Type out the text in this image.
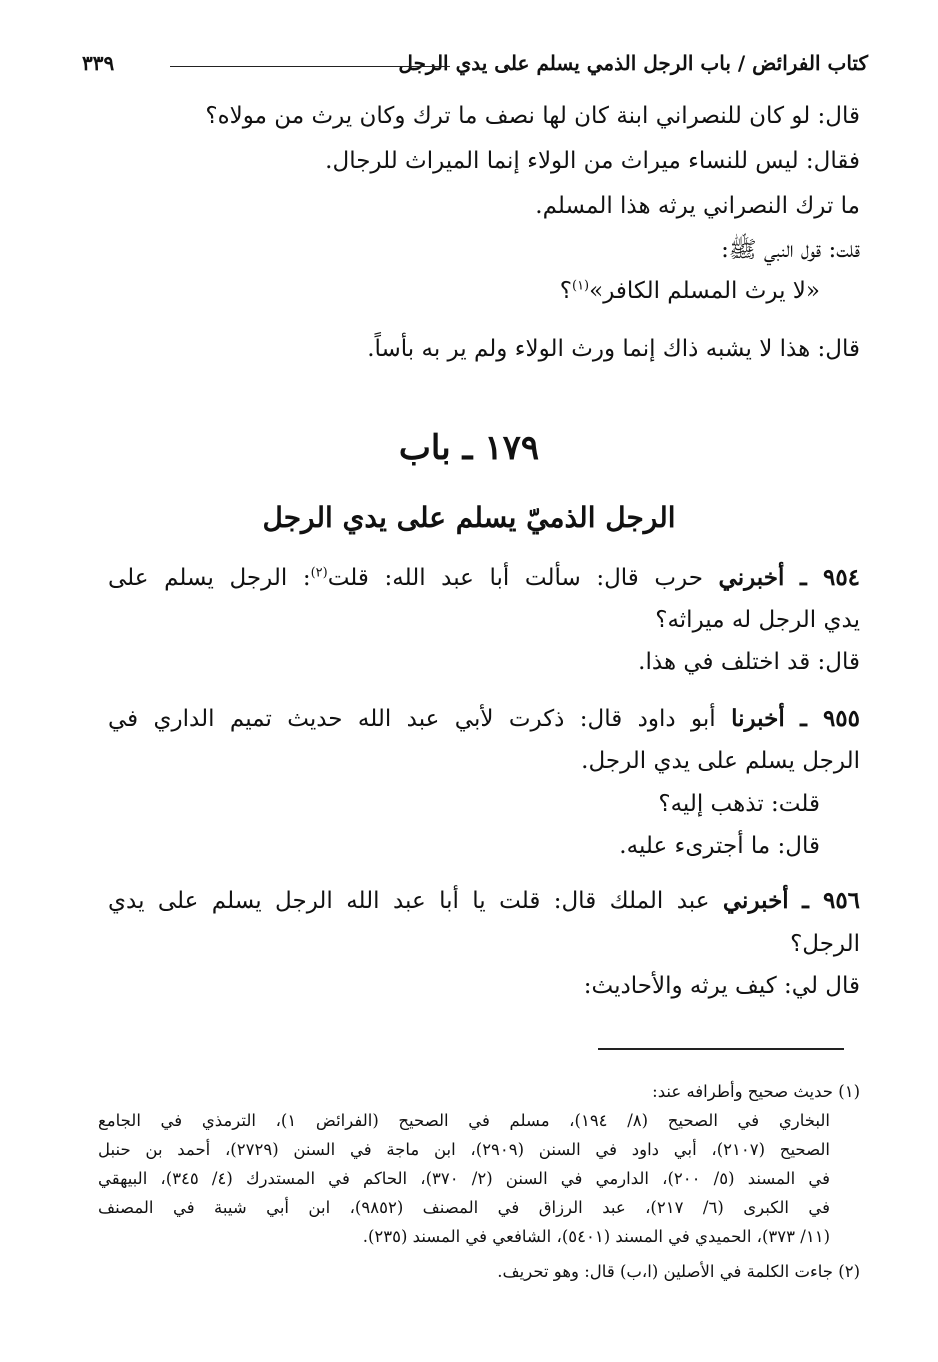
كتاب الفرائض / باب الرجل الذمي يسلم على يدي الرجل
٣٣٩
قال: لو كان للنصراني ابنة كان لها نصف ما ترك وكان يرث من مولاه؟
فقال: ليس للنساء ميراث من الولاء إنما الميراث للرجال.
ما ترك النصراني يرثه هذا المسلم.
قلت: قول النبي ﷺ:
«لا يرث المسلم الكافر»$^{(١)}$؟
قال: هذا لا يشبه ذاك إنما ورث الولاء ولم ير به بأساً.
١٧٩ ـ باب
الرجل الذميّ يسلم على يدي الرجل
٩٥٤ ـ أخبرني حرب قال: سألت أبا عبد الله: قلت$^{(٢)}$: الرجل يسلم على
يدي الرجل له ميراثه؟
قال: قد اختلف في هذا.
٩٥٥ ـ أخبرنا أبو داود قال: ذكرت لأبي عبد الله حديث تميم الداري في
الرجل يسلم على يدي الرجل.
قلت: تذهب إليه؟
قال: ما أجترىء عليه.
٩٥٦ ـ أخبرني عبد الملك قال: قلت يا أبا عبد الله الرجل يسلم على يدي
الرجل؟
قال لي: كيف يرثه والأحاديث:
(١) حديث صحيح وأطرافه عند:
البخاري في الصحيح (٨/ ١٩٤)، مسلم في الصحيح (الفرائض ١)، الترمذي في الجامع
الصحيح (٢١٠٧)، أبي داود في السنن (٢٩٠٩)، ابن ماجة في السنن (٢٧٢٩)، أحمد بن حنبل
في المسند (٥/ ٢٠٠)، الدارمي في السنن (٢/ ٣٧٠)، الحاكم في المستدرك (٤/ ٣٤٥)، البيهقي
في الكبرى (٦/ ٢١٧)، عبد الرزاق في المصنف (٩٨٥٢)، ابن أبي شيبة في المصنف
(١١/ ٣٧٣)، الحميدي في المسند (٥٤٠١)، الشافعي في المسند (٢٣٥).
(٢) جاءت الكلمة في الأصلين (ا،ب) قال: وهو تحريف.
